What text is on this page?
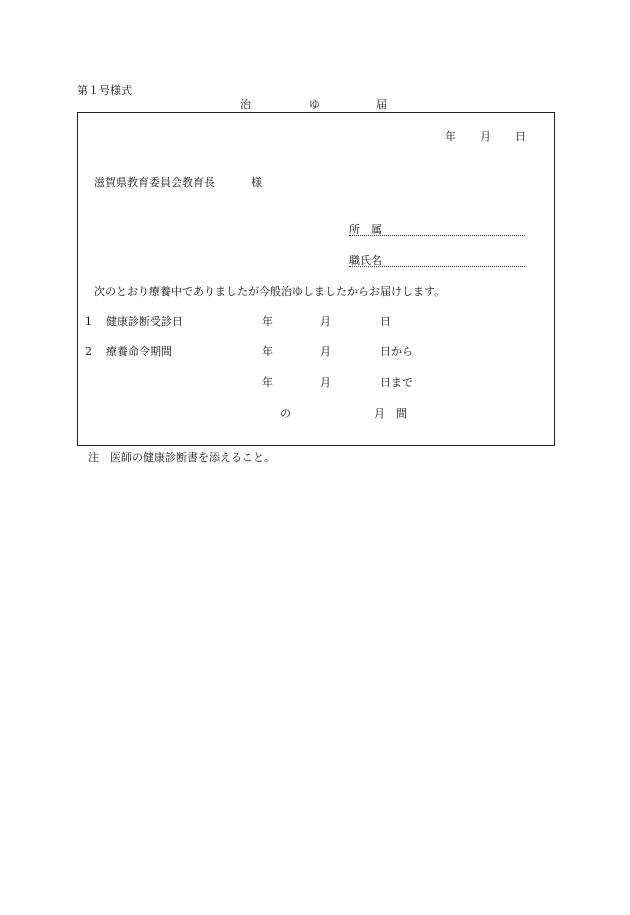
第１号様式
治	ゆ	届
年 月 日
滋賀県教育委員会教育長	様
所　属
職氏名
次のとおり療養中でありましたが今般治ゆしましたからお届けします。
1 健康診断受診日	年	月	日
2 療養命令期間	年	月	日から
年	月	日まで
の	月　間
注　医師の健康診断書を添えること。
